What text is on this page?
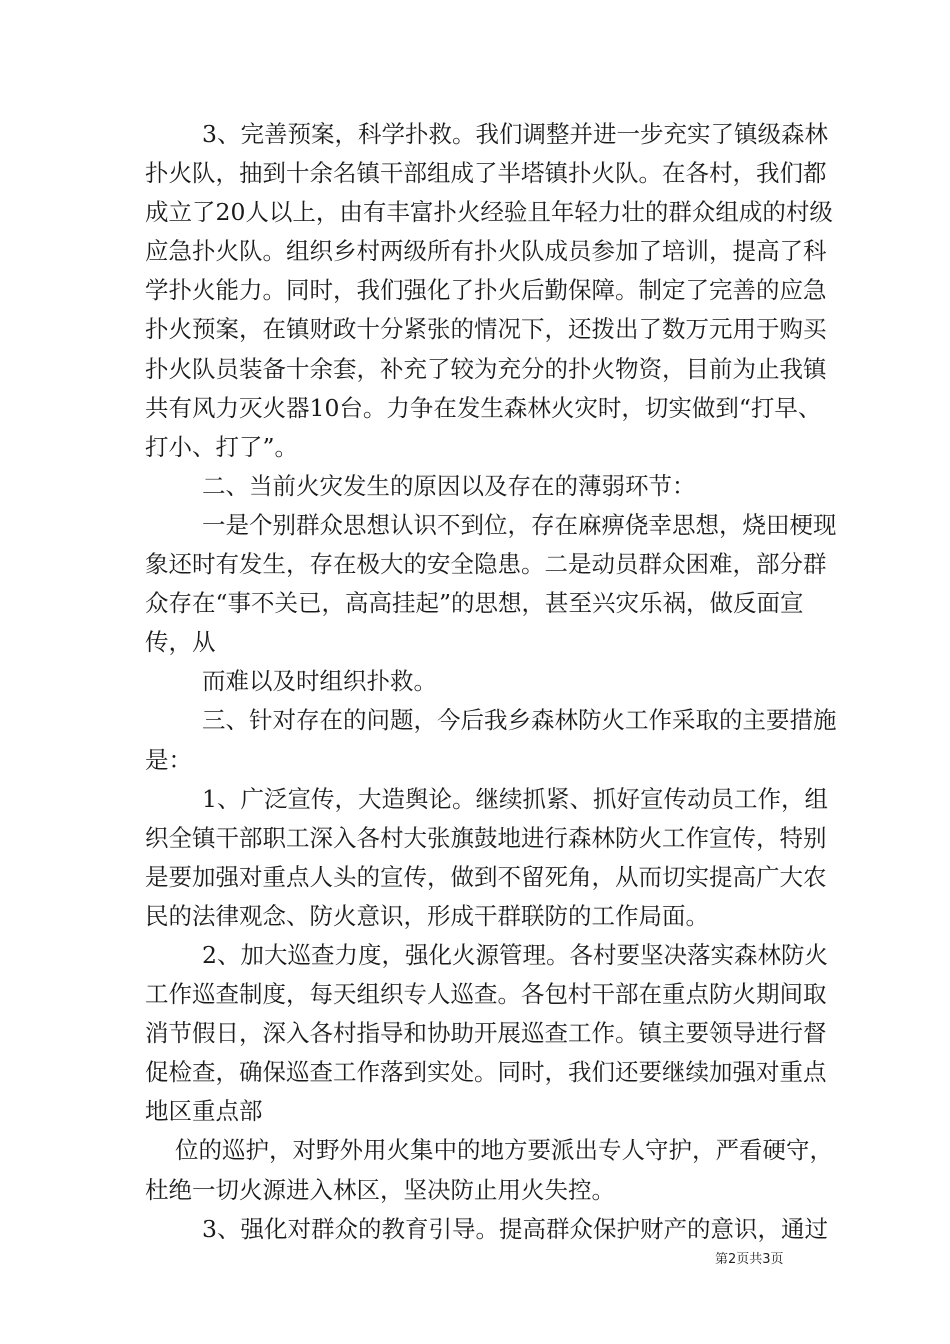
3、完善预案，科学扑救。我们调整并进一步充实了镇级森林
扑火队，抽到十余名镇干部组成了半塔镇扑火队。在各村，我们都
成立了20人以上，由有丰富扑火经验且年轻力壮的群众组成的村级
应急扑火队。组织乡村两级所有扑火队成员参加了培训，提高了科
学扑火能力。同时，我们强化了扑火后勤保障。制定了完善的应急
扑火预案，在镇财政十分紧张的情况下，还拨出了数万元用于购买
扑火队员装备十余套，补充了较为充分的扑火物资，目前为止我镇
共有风力灭火器10台。力争在发生森林火灾时，切实做到“打早、
打小、打了”。
二、当前火灾发生的原因以及存在的薄弱环节：
一是个别群众思想认识不到位，存在麻痹侥幸思想，烧田梗现
象还时有发生，存在极大的安全隐患。二是动员群众困难，部分群
众存在“事不关已，高高挂起”的思想，甚至兴灾乐祸，做反面宣
传，从
而难以及时组织扑救。
三、针对存在的问题，今后我乡森林防火工作采取的主要措施
是：
1、广泛宣传，大造舆论。继续抓紧、抓好宣传动员工作，组
织全镇干部职工深入各村大张旗鼓地进行森林防火工作宣传，特别
是要加强对重点人头的宣传，做到不留死角，从而切实提高广大农
民的法律观念、防火意识，形成干群联防的工作局面。
2、加大巡查力度，强化火源管理。各村要坚决落实森林防火
工作巡查制度，每天组织专人巡查。各包村干部在重点防火期间取
消节假日，深入各村指导和协助开展巡查工作。镇主要领导进行督
促检查，确保巡查工作落到实处。同时，我们还要继续加强对重点
地区重点部
位的巡护，对野外用火集中的地方要派出专人守护，严看硬守，
杜绝一切火源进入林区，坚决防止用火失控。
3、强化对群众的教育引导。提高群众保护财产的意识，通过
第2页共3页
